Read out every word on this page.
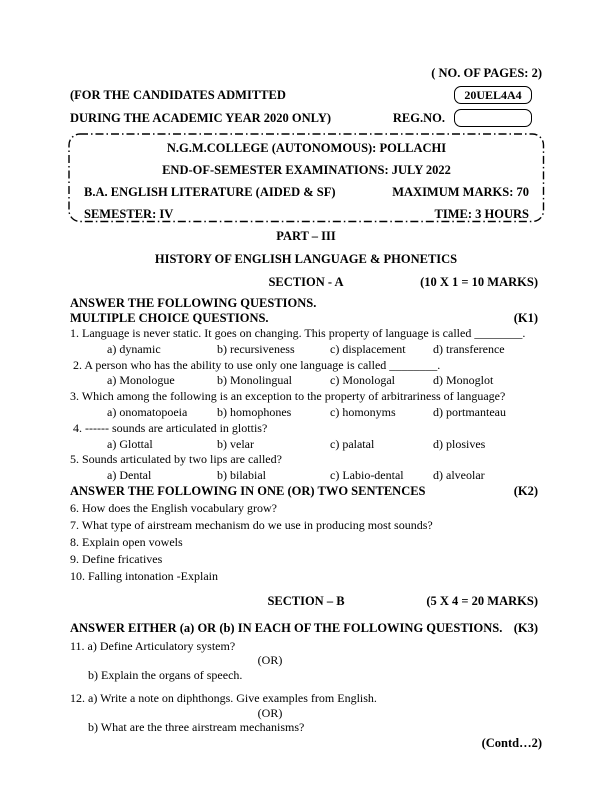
( NO. OF PAGES: 2)
(FOR THE CANDIDATES ADMITTED	20UEL4A4
DURING THE ACADEMIC YEAR 2020 ONLY)	REG.NO.
N.G.M.COLLEGE (AUTONOMOUS): POLLACHI
END-OF-SEMESTER EXAMINATIONS: JULY 2022
B.A. ENGLISH LITERATURE (AIDED & SF)	MAXIMUM MARKS: 70
SEMESTER: IV	TIME: 3 HOURS
PART – III
HISTORY OF ENGLISH LANGUAGE & PHONETICS
SECTION - A	(10 X 1 = 10 MARKS)
ANSWER THE FOLLOWING QUESTIONS.
MULTIPLE CHOICE QUESTIONS.	(K1)
1. Language is never static. It goes on changing. This property of language is called ________.
a) dynamic	b) recursiveness	c) displacement	d) transference
2. A person who has the ability to use only one language is called ________.
a) Monologue	b) Monolingual	c) Monologal	d) Monoglot
3. Which among the following is an exception to the property of arbitrariness of language?
a) onomatopoeia	b) homophones	c) homonyms	d) portmanteau
4. ------ sounds are articulated in glottis?
a) Glottal	b) velar	c) palatal	d) plosives
5. Sounds articulated by two lips are called?
a) Dental	b) bilabial	c) Labio-dental	d) alveolar
ANSWER THE FOLLOWING IN ONE (OR) TWO SENTENCES	(K2)
6. How does the English vocabulary grow?
7. What type of airstream mechanism do we use in producing most sounds?
8. Explain open vowels
9. Define fricatives
10. Falling intonation -Explain
SECTION – B	(5 X 4 = 20 MARKS)
ANSWER EITHER (a) OR (b) IN EACH OF THE FOLLOWING QUESTIONS. (K3)
11. a) Define Articulatory system?
(OR)
b) Explain the organs of speech.
12. a) Write a note on diphthongs. Give examples from English.
(OR)
b) What are the three airstream mechanisms?
(Contd…2)
